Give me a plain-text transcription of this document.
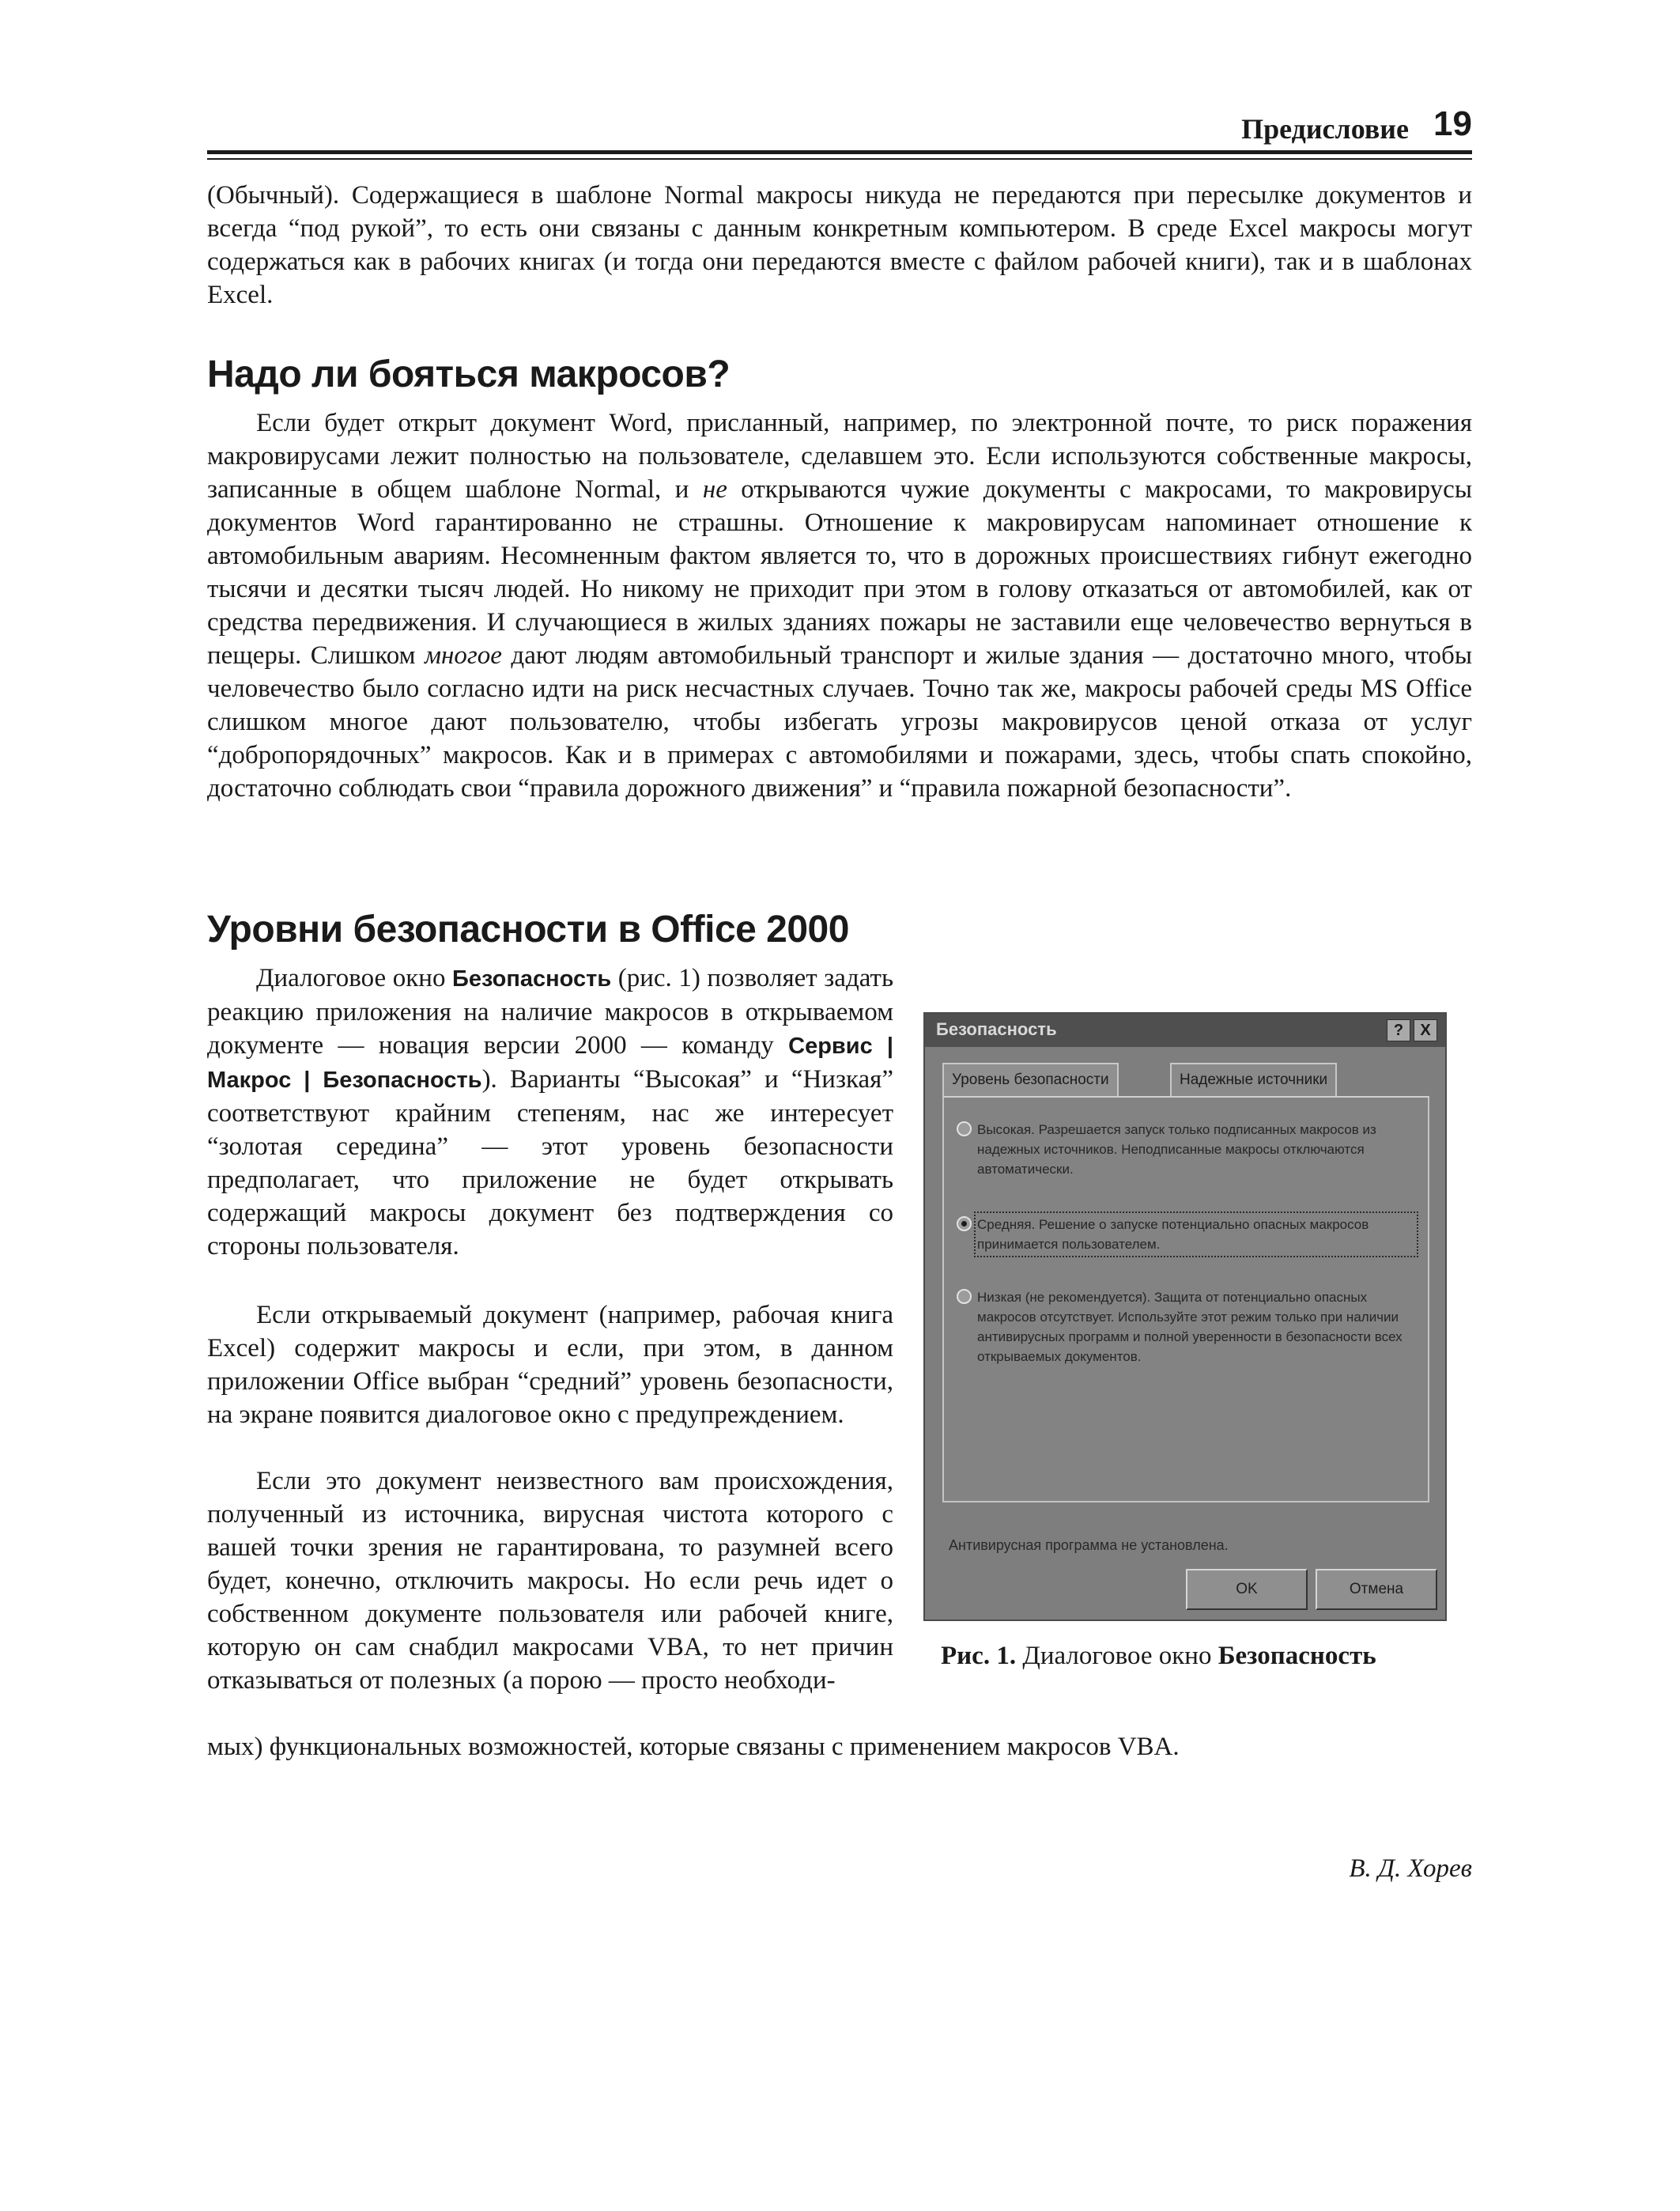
Предисловие 19

(Обычный). Содержащиеся в шаблоне Normal макросы никуда не передаются при пересылке документов и всегда “под рукой”, то есть они связаны с данным конкретным компьютером. В среде Excel макросы могут содержаться как в рабочих книгах (и тогда они передаются вместе с файлом рабочей книги), так и в шаблонах Excel.

Надо ли бояться макросов?

Если будет открыт документ Word, присланный, например, по электронной почте, то риск поражения макровирусами лежит полностью на пользователе, сделавшем это. Если используются собственные макросы, записанные в общем шаблоне Normal, и не открываются чужие документы с макросами, то макровирусы документов Word гарантированно не страшны. Отношение к макровирусам напоминает отношение к автомобильным авариям. Несомненным фактом является то, что в дорожных происшествиях гибнут ежегодно тысячи и десятки тысяч людей. Но никому не приходит при этом в голову отказаться от автомобилей, как от средства передвижения. И случающиеся в жилых зданиях пожары не заставили еще человечество вернуться в пещеры. Слишком многое дают людям автомобильный транспорт и жилые здания — достаточно много, чтобы человечество было согласно идти на риск несчастных случаев. Точно так же, макросы рабочей среды MS Office слишком многое дают пользователю, чтобы избегать угрозы макровирусов ценой отказа от услуг “добропорядочных” макросов. Как и в примерах с автомобилями и пожарами, здесь, чтобы спать спокойно, достаточно соблюдать свои “правила дорожного движения” и “правила пожарной безопасности”.

Уровни безопасности в Office 2000

Диалоговое окно Безопасность (рис. 1) позволяет задать реакцию приложения на наличие макросов в открываемом документе — новация версии 2000 — команду Сервис | Макрос | Безопасность). Варианты “Высокая” и “Низкая” соответствуют крайним степеням, нас же интересует “золотая середина” — этот уровень безопасности предполагает, что приложение не будет открывать содержащий макросы документ без подтверждения со стороны пользователя.

Если открываемый документ (например, рабочая книга Excel) содержит макросы и если, при этом, в данном приложении Office выбран “средний” уровень безопасности, на экране появится диалоговое окно с предупреждением.

Если это документ неизвестного вам происхождения, полученный из источника, вирусная чистота которого с вашей точки зрения не гарантирована, то разумней всего будет, конечно, отключить макросы. Но если речь идет о собственном документе пользователя или рабочей книге, которую он сам снабдил макросами VBA, то нет причин отказываться от полезных (а порою — просто необходи-

мых) функциональных возможностей, которые связаны с применением макросов VBA.

Безопасность	?	X
Уровень безопасности	Надежные источники
Высокая. Разрешается запуск только подписанных макросов из надежных источников. Неподписанные макросы отключаются автоматически.
Средняя. Решение о запуске потенциально опасных макросов принимается пользователем.
Низкая (не рекомендуется). Защита от потенциально опасных макросов отсутствует. Используйте этот режим только при наличии антивирусных программ и полной уверенности в безопасности всех открываемых документов.
Антивирусная программа не установлена.
OK	Отмена
Рис. 1. Диалоговое окно Безопасность
В. Д. Хорев
